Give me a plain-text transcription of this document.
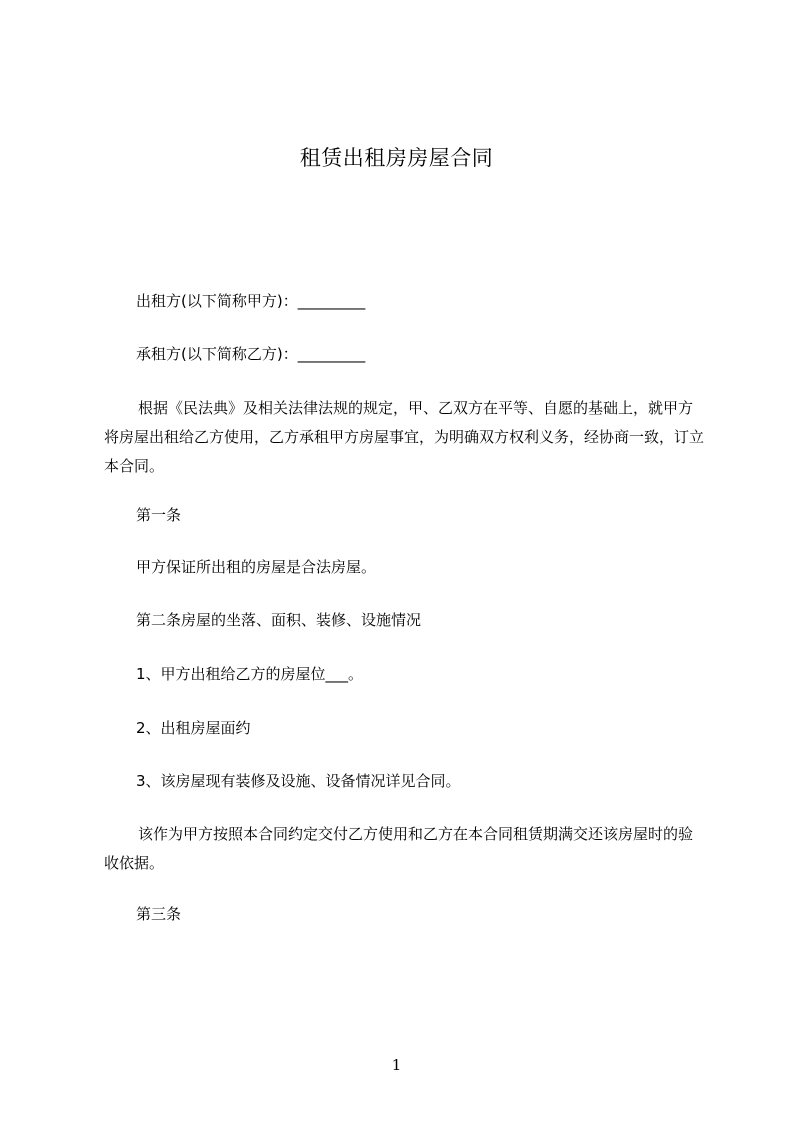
租赁出租房房屋合同
出租方(以下简称甲方)：_________
承租方(以下简称乙方)：_________
根据《民法典》及相关法律法规的规定，甲、乙双方在平等、自愿的基础上，就甲方将房屋出租给乙方使用，乙方承租甲方房屋事宜，为明确双方权利义务，经协商一致，订立本合同。
第一条
甲方保证所出租的房屋是合法房屋。
第二条房屋的坐落、面积、装修、设施情况
1、甲方出租给乙方的房屋位___。
2、出租房屋面约
3、该房屋现有装修及设施、设备情况详见合同。
该作为甲方按照本合同约定交付乙方使用和乙方在本合同租赁期满交还该房屋时的验收依据。
第三条
1
